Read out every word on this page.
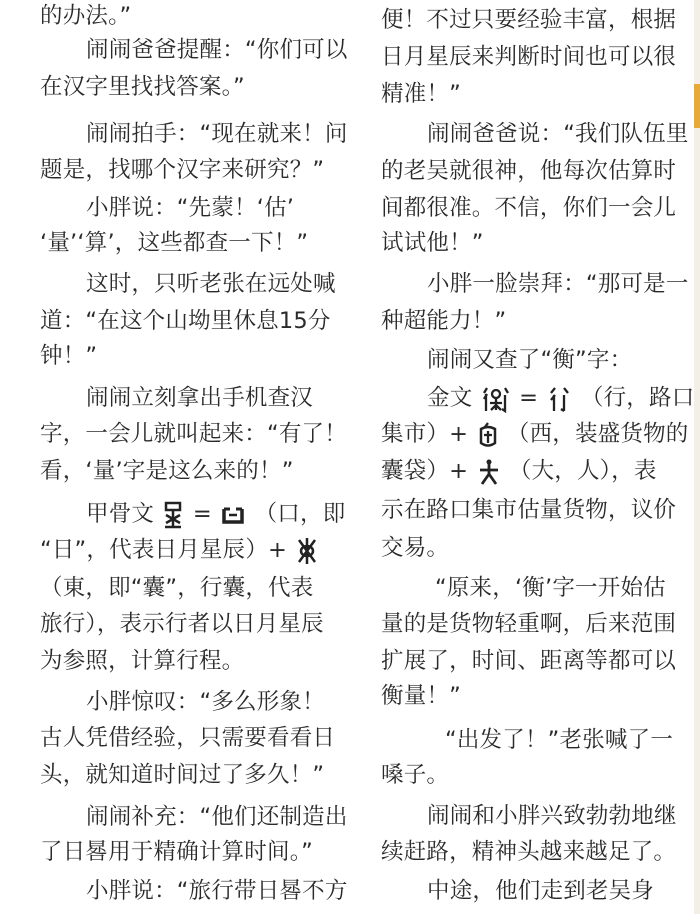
的办法。”
闹闹爸爸提醒：“你们可以
在汉字里找找答案。”
闹闹拍手：“现在就来！问
题是，找哪个汉字来研究？”
小胖说：“先蒙！‘估’
‘量’‘算’，这些都查一下！”
这时，只听老张在远处喊
道：“在这个山坳里休息15分
钟！”
闹闹立刻拿出手机查汉
字，一会儿就叫起来：“有了！
看，‘量’字是这么来的！”
甲骨文 = （口，即
“日”，代表日月星辰）+
（東，即“囊”，行囊，代表
旅行），表示行者以日月星辰
为参照，计算行程。
小胖惊叹：“多么形象！
古人凭借经验，只需要看看日
头，就知道时间过了多久！”
闹闹补充：“他们还制造出
了日晷用于精确计算时间。”
小胖说：“旅行带日晷不方
便！不过只要经验丰富，根据
日月星辰来判断时间也可以很
精准！”
闹闹爸爸说：“我们队伍里
的老吴就很神，他每次估算时
间都很准。不信，你们一会儿
试试他！”
小胖一脸崇拜：“那可是一
种超能力！”
闹闹又查了“衡”字：
金文 = （行，路口
集市）+ （西，装盛货物的
囊袋）+ （大，人），表
示在路口集市估量货物，议价
交易。
“原来，‘衡’字一开始估
量的是货物轻重啊，后来范围
扩展了，时间、距离等都可以
衡量！”
“出发了！”老张喊了一
嗓子。
闹闹和小胖兴致勃勃地继
续赶路，精神头越来越足了。
中途，他们走到老吴身
